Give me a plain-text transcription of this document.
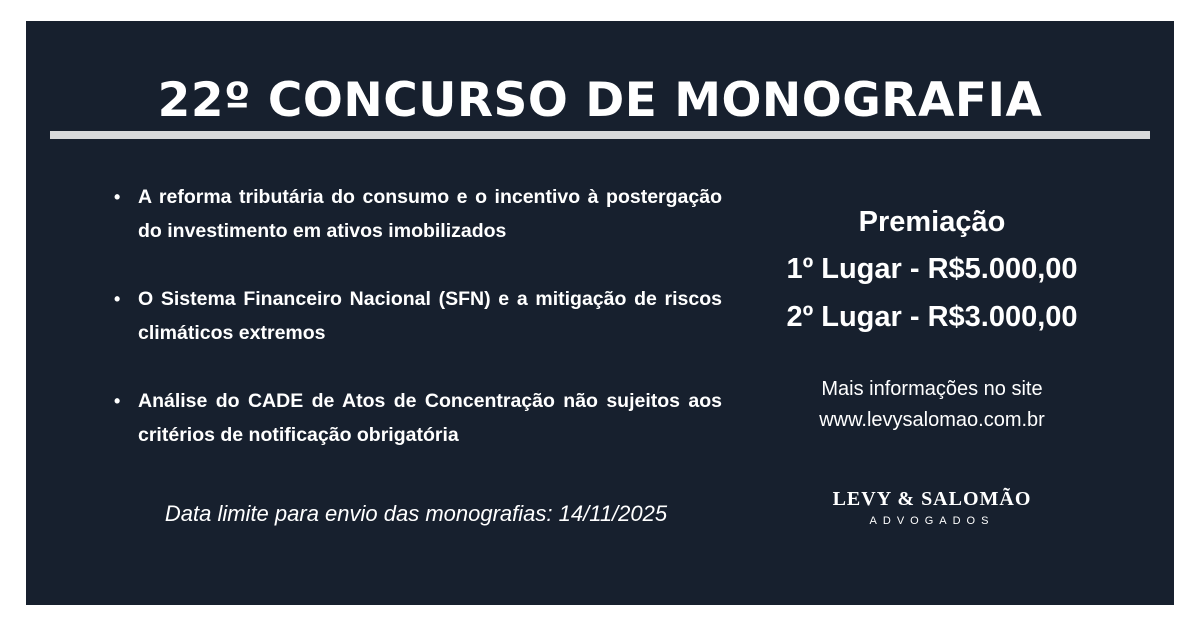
22º CONCURSO DE MONOGRAFIA
• A reforma tributária do consumo e o incentivo à postergação do investimento em ativos imobilizados
• O Sistema Financeiro Nacional (SFN) e a mitigação de riscos climáticos extremos
• Análise do CADE de Atos de Concentração não sujeitos aos critérios de notificação obrigatória

Data limite para envio das monografias: 14/11/2025

Premiação
1º Lugar - R$5.000,00
2º Lugar - R$3.000,00
Mais informações no site
www.levysalomao.com.br
LEVY & SALOMÃO
ADVOGADOS
